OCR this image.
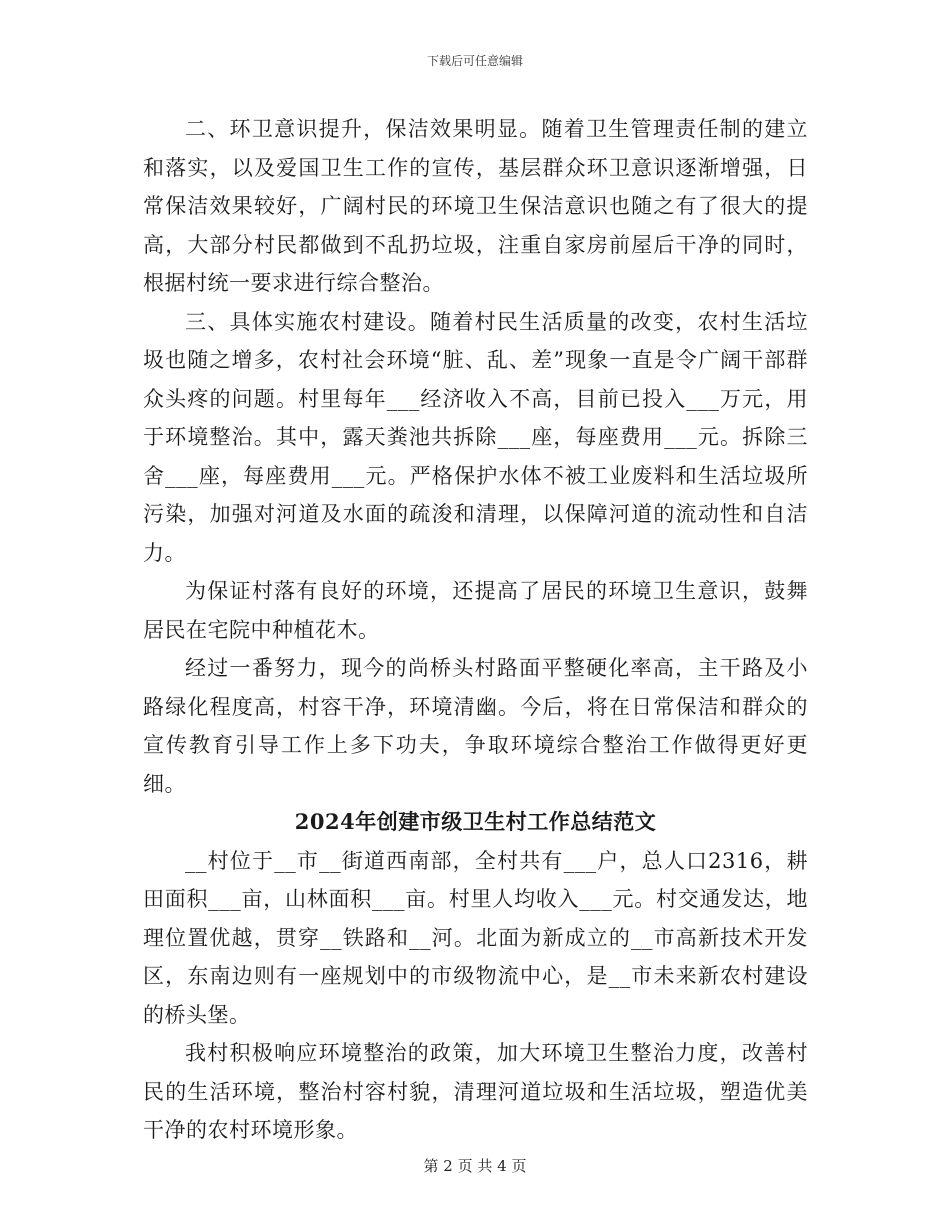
下载后可任意编辑

二、环卫意识提升，保洁效果明显。随着卫生管理责任制的建立和落实，以及爱国卫生工作的宣传，基层群众环卫意识逐渐增强，日常保洁效果较好，广阔村民的环境卫生保洁意识也随之有了很大的提高，大部分村民都做到不乱扔垃圾，注重自家房前屋后干净的同时，根据村统一要求进行综合整治。

三、具体实施农村建设。随着村民生活质量的改变，农村生活垃圾也随之增多，农村社会环境“脏、乱、差”现象一直是令广阔干部群众头疼的问题。村里每年___经济收入不高，目前已投入___万元，用于环境整治。其中，露天粪池共拆除___座，每座费用___元。拆除三舍___座，每座费用___元。严格保护水体不被工业废料和生活垃圾所污染，加强对河道及水面的疏浚和清理，以保障河道的流动性和自洁力。

为保证村落有良好的环境，还提高了居民的环境卫生意识，鼓舞居民在宅院中种植花木。

经过一番努力，现今的尚桥头村路面平整硬化率高，主干路及小路绿化程度高，村容干净，环境清幽。今后，将在日常保洁和群众的宣传教育引导工作上多下功夫，争取环境综合整治工作做得更好更细。

2024年创建市级卫生村工作总结范文

__村位于__市__街道西南部，全村共有___户，总人口2316，耕田面积___亩，山林面积___亩。村里人均收入___元。村交通发达，地理位置优越，贯穿__铁路和__河。北面为新成立的__市高新技术开发区，东南边则有一座规划中的市级物流中心，是__市未来新农村建设的桥头堡。

我村积极响应环境整治的政策，加大环境卫生整治力度，改善村民的生活环境，整治村容村貌，清理河道垃圾和生活垃圾，塑造优美干净的农村环境形象。

第 2 页 共 4 页
